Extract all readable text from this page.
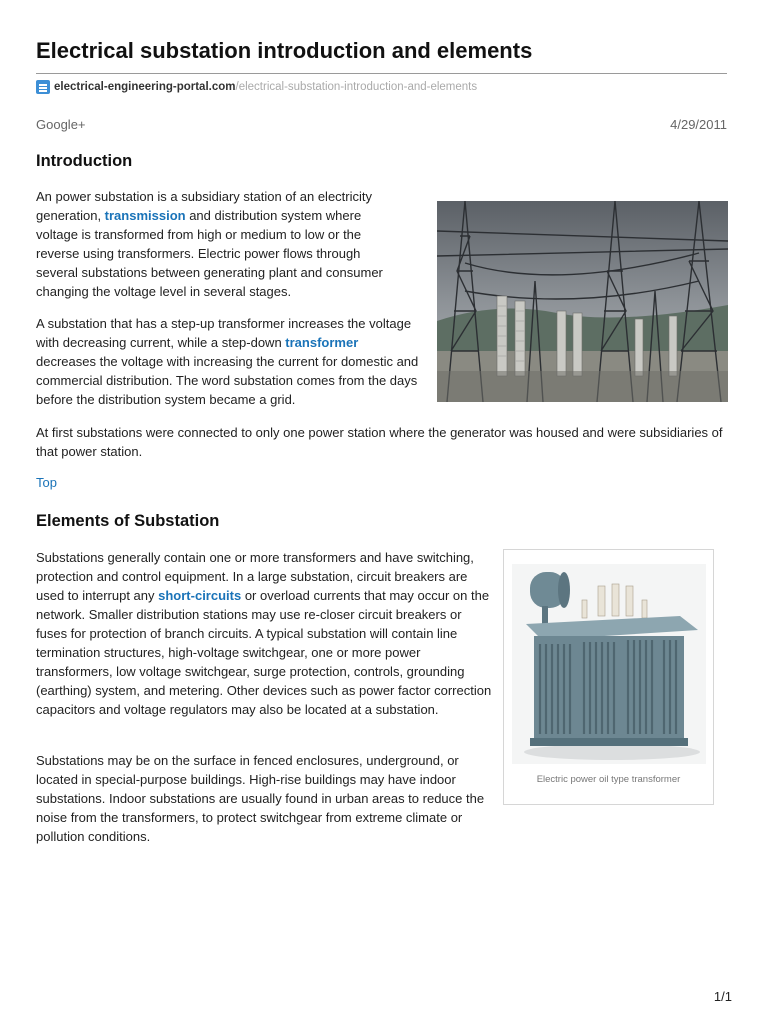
Electrical substation introduction and elements
electrical-engineering-portal.com /electrical-substation-introduction-and-elements
Google+	4/29/2011
Introduction

An power substation is a subsidiary station of an electricity generation, transmission and distribution system where voltage is transformed from high or medium to low or the reverse using transformers. Electric power flows through several substations between generating plant and consumer changing the voltage level in several stages.

A substation that has a step-up transformer increases the voltage with decreasing current, while a step-down transformer decreases the voltage with increasing the current for domestic and commercial distribution. The word substation comes from the days before the distribution system became a grid.

At first substations were connected to only one power station where the generator was housed and were subsidiaries of that power station.

Top
Elements of Substation

Substations generally contain one or more transformers and have switching, protection and control equipment. In a large substation, circuit breakers are used to interrupt any short-circuits or overload currents that may occur on the network. Smaller distribution stations may use re-closer circuit breakers or fuses for protection of branch circuits. A typical substation will contain line termination structures, high-voltage switchgear, one or more power transformers, low voltage switchgear, surge protection, controls, grounding (earthing) system, and metering. Other devices such as power factor correction capacitors and voltage regulators may also be located at a substation.

Substations may be on the surface in fenced enclosures, underground, or located in special-purpose buildings. High-rise buildings may have indoor substations. Indoor substations are usually found in urban areas to reduce the noise from the transformers, to protect switchgear from extreme climate or pollution conditions.

Electric power oil type transformer
1/1
